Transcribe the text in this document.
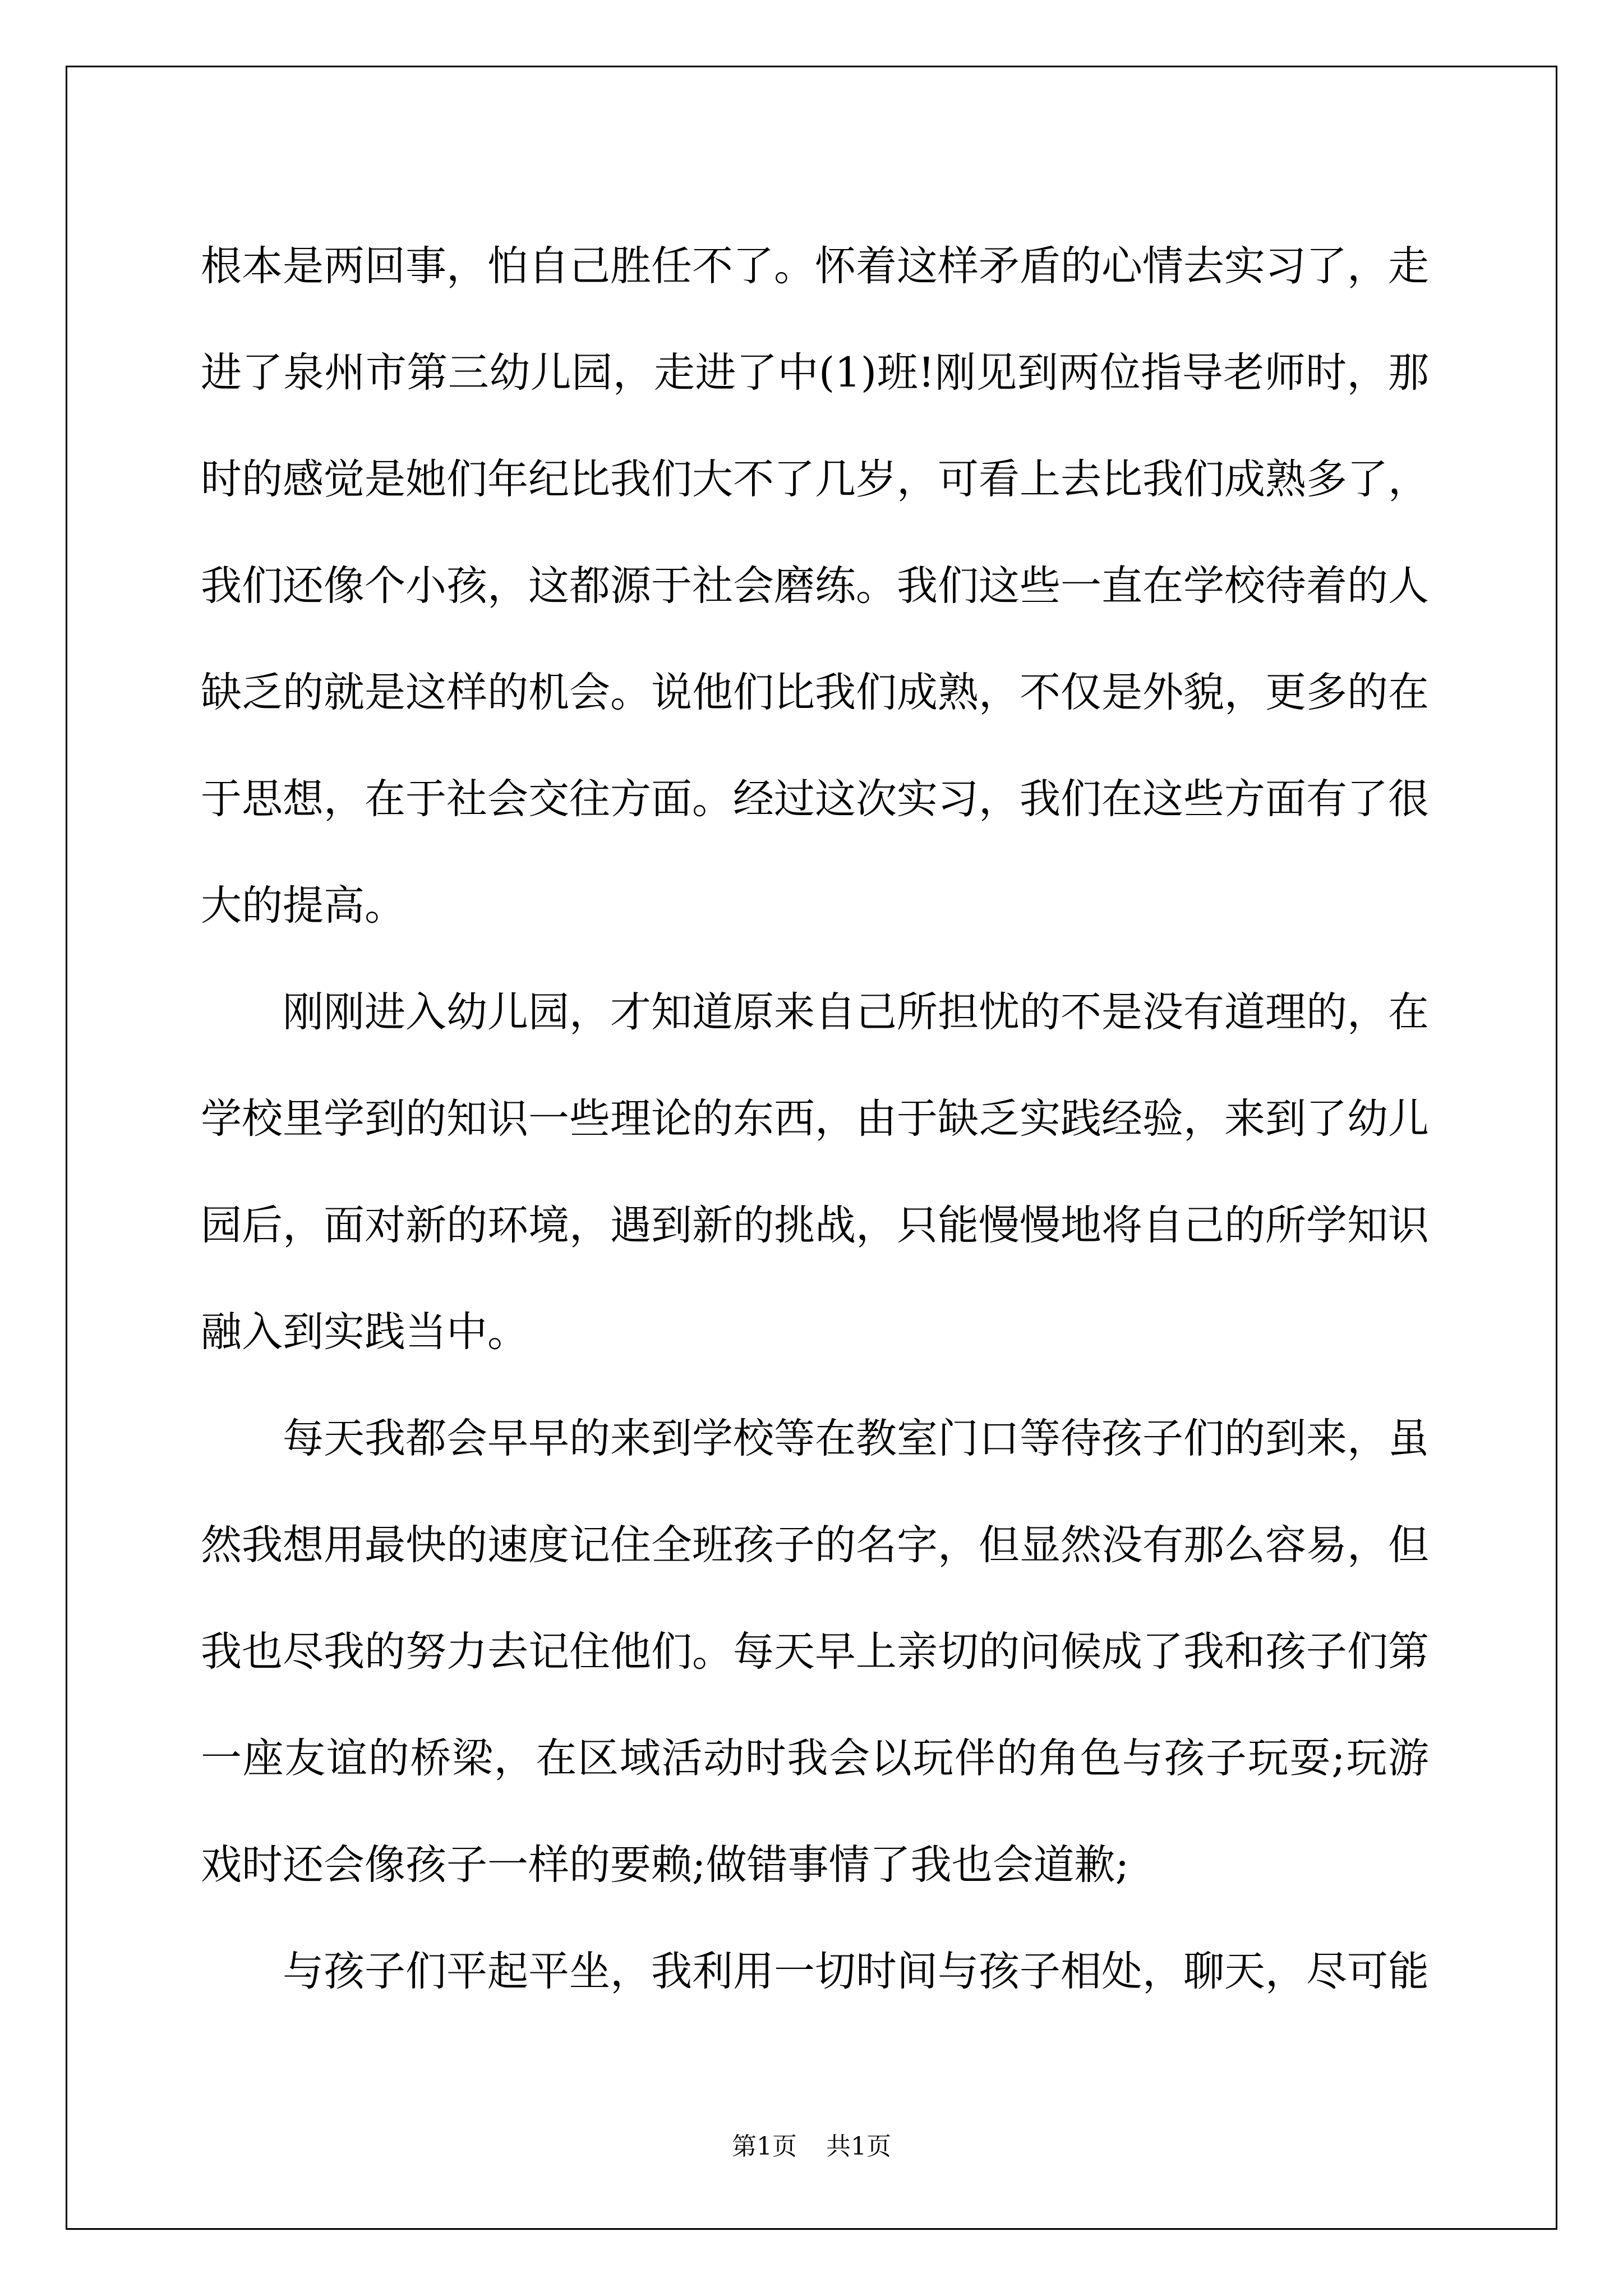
根本是两回事，怕自己胜任不了。怀着这样矛盾的心情去实习了，走进了泉州市第三幼儿园，走进了中(1)班!刚见到两位指导老师时，那时的感觉是她们年纪比我们大不了几岁，可看上去比我们成熟多了，我们还像个小孩，这都源于社会磨练。我们这些一直在学校待着的人缺乏的就是这样的机会。说他们比我们成熟，不仅是外貌，更多的在于思想，在于社会交往方面。经过这次实习，我们在这些方面有了很大的提高。

刚刚进入幼儿园，才知道原来自己所担忧的不是没有道理的，在学校里学到的知识一些理论的东西，由于缺乏实践经验，来到了幼儿园后，面对新的环境，遇到新的挑战，只能慢慢地将自己的所学知识融入到实践当中。

每天我都会早早的来到学校等在教室门口等待孩子们的到来，虽然我想用最快的速度记住全班孩子的名字，但显然没有那么容易，但我也尽我的努力去记住他们。每天早上亲切的问候成了我和孩子们第一座友谊的桥梁，在区域活动时我会以玩伴的角色与孩子玩耍;玩游戏时还会像孩子一样的要赖;做错事情了我也会道歉;

与孩子们平起平坐，我利用一切时间与孩子相处，聊天，尽可能

第1页 共1页
